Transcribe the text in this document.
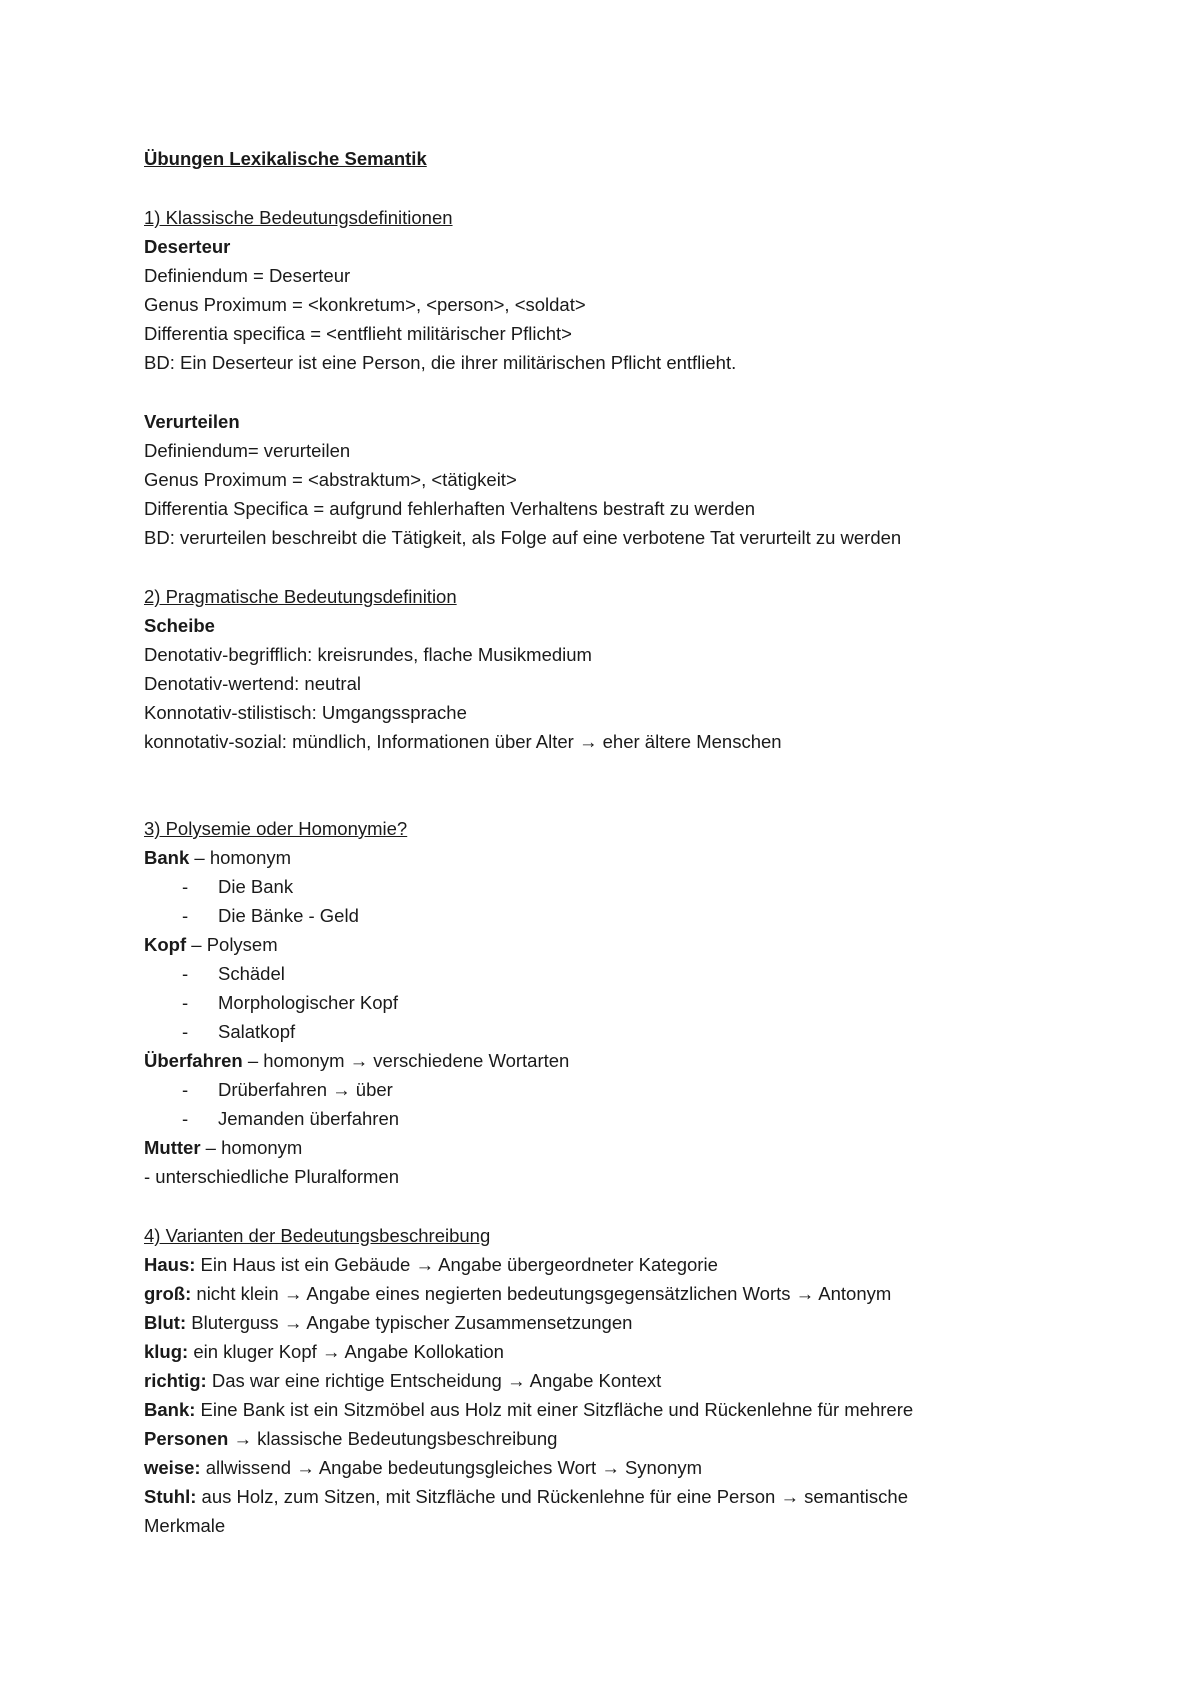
Übungen Lexikalische Semantik
1) Klassische Bedeutungsdefinitionen
Deserteur
Definiendum = Deserteur
Genus Proximum = <konkretum>, <person>, <soldat>
Differentia specifica = <entflieht militärischer Pflicht>
BD: Ein Deserteur ist eine Person, die ihrer militärischen Pflicht entflieht.
Verurteilen
Definiendum= verurteilen
Genus Proximum = <abstraktum>, <tätigkeit>
Differentia Specifica = aufgrund fehlerhaften Verhaltens bestraft zu werden
BD: verurteilen beschreibt die Tätigkeit, als Folge auf eine verbotene Tat verurteilt zu werden
2) Pragmatische Bedeutungsdefinition
Scheibe
Denotativ-begrifflich: kreisrundes, flache Musikmedium
Denotativ-wertend: neutral
Konnotativ-stilistisch: Umgangssprache
konnotativ-sozial: mündlich, Informationen über Alter → eher ältere Menschen
3) Polysemie oder Homonymie?
Bank – homonym
- Die Bank
- Die Bänke - Geld
Kopf – Polysem
- Schädel
- Morphologischer Kopf
- Salatkopf
Überfahren – homonym → verschiedene Wortarten
- Drüberfahren → über
- Jemanden überfahren
Mutter – homonym
- unterschiedliche Pluralformen
4) Varianten der Bedeutungsbeschreibung
Haus: Ein Haus ist ein Gebäude → Angabe übergeordneter Kategorie
groß: nicht klein → Angabe eines negierten bedeutungsgegensätzlichen Worts → Antonym
Blut: Bluterguss → Angabe typischer Zusammensetzungen
klug: ein kluger Kopf → Angabe Kollokation
richtig: Das war eine richtige Entscheidung → Angabe Kontext
Bank: Eine Bank ist ein Sitzmöbel aus Holz mit einer Sitzfläche und Rückenlehne für mehrere
Personen → klassische Bedeutungsbeschreibung
weise: allwissend → Angabe bedeutungsgleiches Wort → Synonym
Stuhl: aus Holz, zum Sitzen, mit Sitzfläche und Rückenlehne für eine Person → semantische
Merkmale
